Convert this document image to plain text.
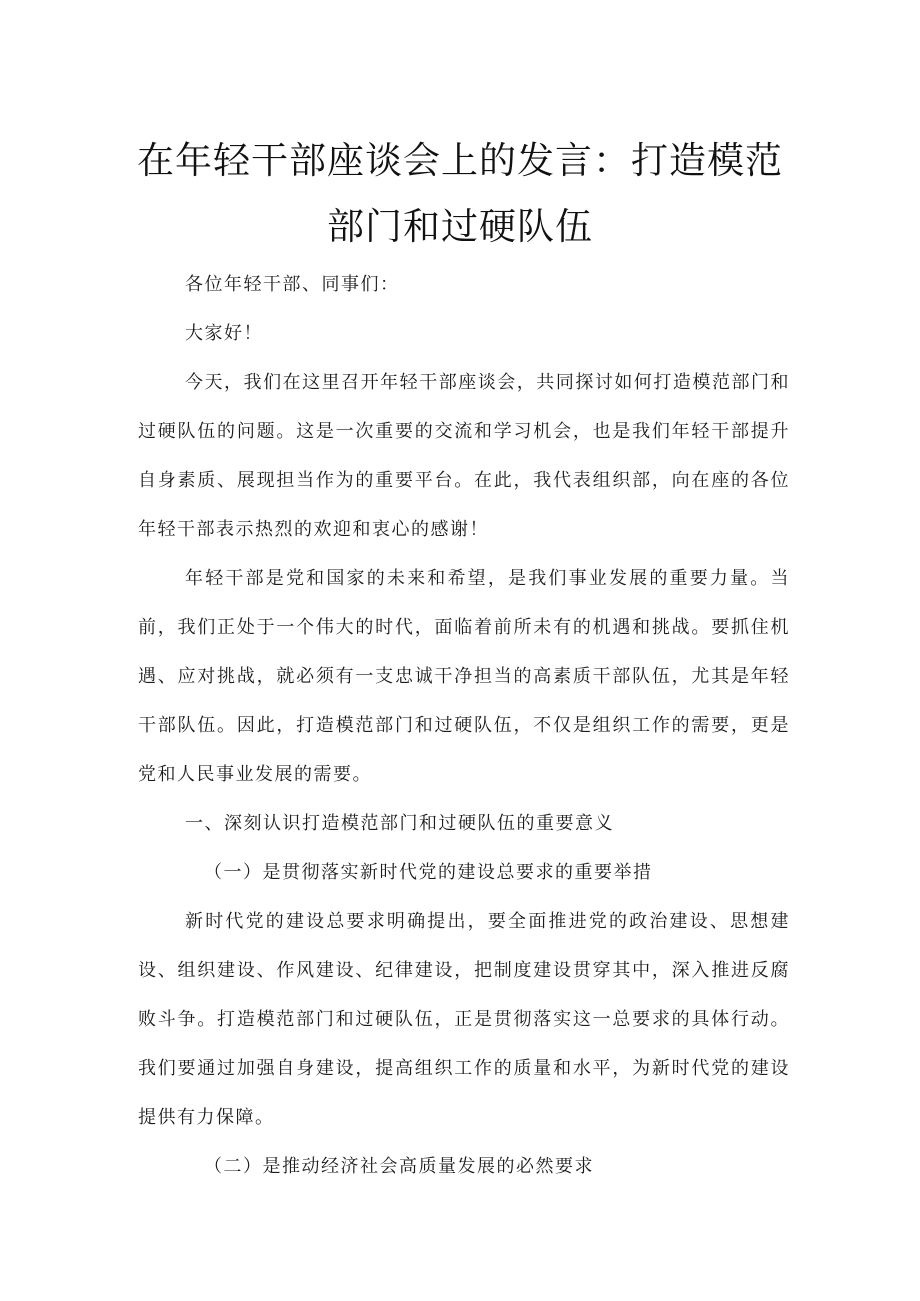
在年轻干部座谈会上的发言：打造模范
部门和过硬队伍

各位年轻干部、同事们：

大家好！

今天，我们在这里召开年轻干部座谈会，共同探讨如何打造模范部门和过硬队伍的问题。这是一次重要的交流和学习机会，也是我们年轻干部提升自身素质、展现担当作为的重要平台。在此，我代表组织部，向在座的各位年轻干部表示热烈的欢迎和衷心的感谢！

年轻干部是党和国家的未来和希望，是我们事业发展的重要力量。当前，我们正处于一个伟大的时代，面临着前所未有的机遇和挑战。要抓住机遇、应对挑战，就必须有一支忠诚干净担当的高素质干部队伍，尤其是年轻干部队伍。因此，打造模范部门和过硬队伍，不仅是组织工作的需要，更是党和人民事业发展的需要。

一、深刻认识打造模范部门和过硬队伍的重要意义

（一）是贯彻落实新时代党的建设总要求的重要举措

新时代党的建设总要求明确提出，要全面推进党的政治建设、思想建设、组织建设、作风建设、纪律建设，把制度建设贯穿其中，深入推进反腐败斗争。打造模范部门和过硬队伍，正是贯彻落实这一总要求的具体行动。我们要通过加强自身建设，提高组织工作的质量和水平，为新时代党的建设提供有力保障。

（二）是推动经济社会高质量发展的必然要求
